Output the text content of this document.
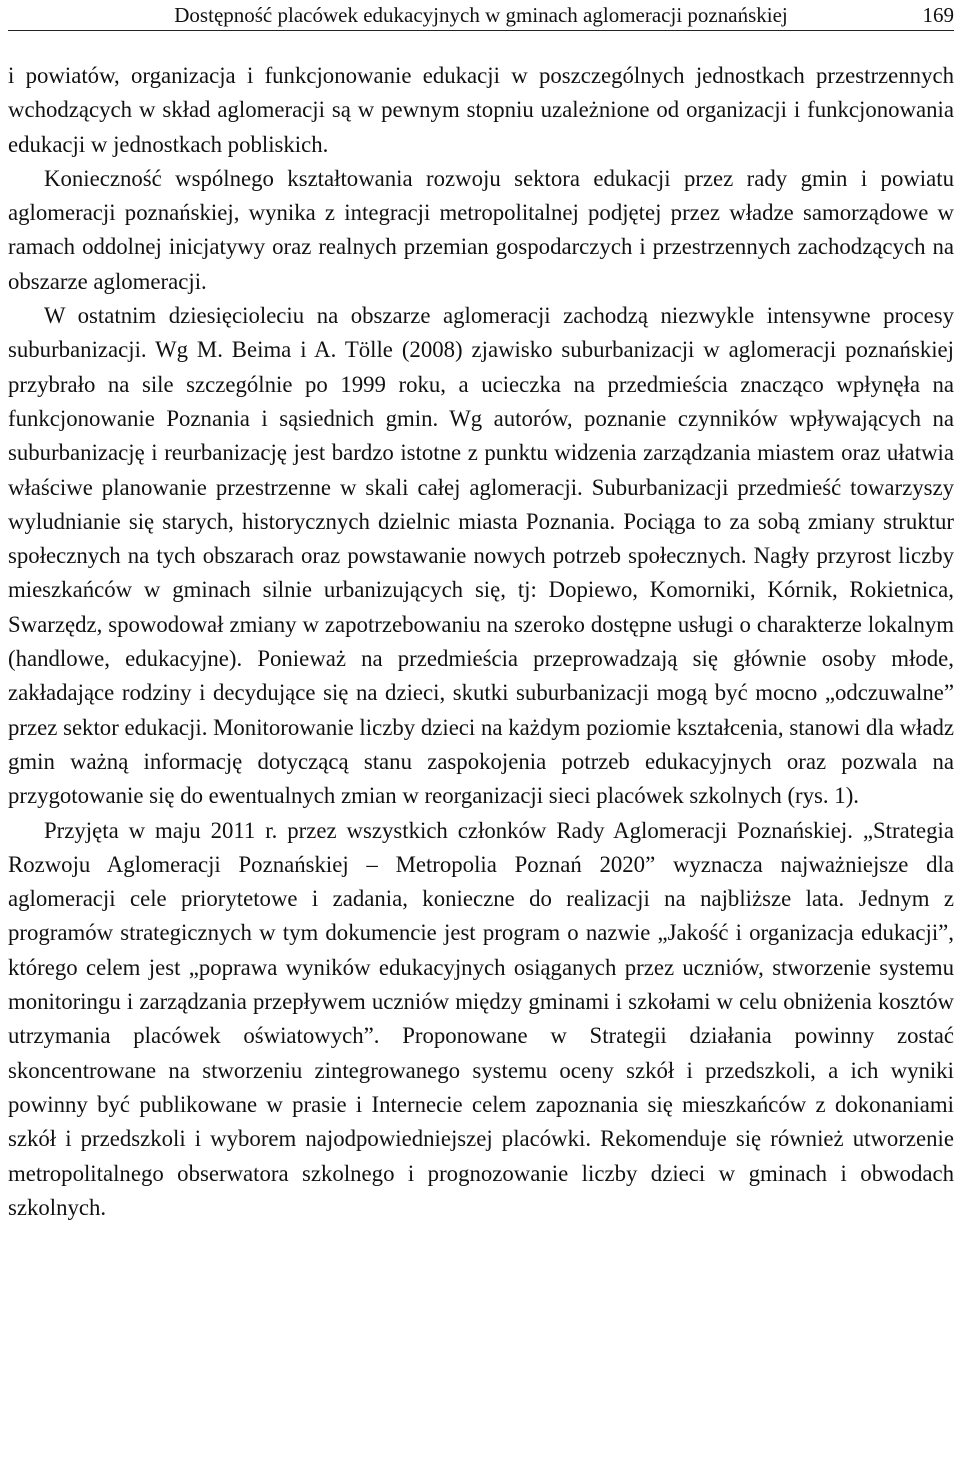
Dostępność placówek edukacyjnych w gminach aglomeracji poznańskiej	169

i powiatów, organizacja i funkcjonowanie edukacji w poszczególnych jednostkach przestrzennych wchodzących w skład aglomeracji są w pewnym stopniu uzależnione od organizacji i funkcjonowania edukacji w jednostkach pobliskich.

Konieczność wspólnego kształtowania rozwoju sektora edukacji przez rady gmin i powiatu aglomeracji poznańskiej, wynika z integracji metropolitalnej podjętej przez władze samorządowe w ramach oddolnej inicjatywy oraz realnych przemian gospodarczych i przestrzennych zachodzących na obszarze aglomeracji.

W ostatnim dziesięcioleciu na obszarze aglomeracji zachodzą niezwykle intensywne procesy suburbanizacji. Wg M. Beima i A. Tölle (2008) zjawisko suburbanizacji w aglomeracji poznańskiej przybrało na sile szczególnie po 1999 roku, a ucieczka na przedmieścia znacząco wpłynęła na funkcjonowanie Poznania i sąsiednich gmin. Wg autorów, poznanie czynników wpływających na suburbanizację i reurbanizację jest bardzo istotne z punktu widzenia zarządzania miastem oraz ułatwia właściwe planowanie przestrzenne w skali całej aglomeracji. Suburbanizacji przedmieść towarzyszy wyludnianie się starych, historycznych dzielnic miasta Poznania. Pociąga to za sobą zmiany struktur społecznych na tych obszarach oraz powstawanie nowych potrzeb społecznych. Nagły przyrost liczby mieszkańców w gminach silnie urbanizujących się, tj: Dopiewo, Komorniki, Kórnik, Rokietnica, Swarzędz, spowodował zmiany w zapotrzebowaniu na szeroko dostępne usługi o charakterze lokalnym (handlowe, edukacyjne). Ponieważ na przedmieścia przeprowadzają się głównie osoby młode, zakładające rodziny i decydujące się na dzieci, skutki suburbanizacji mogą być mocno „odczuwalne” przez sektor edukacji. Monitorowanie liczby dzieci na każdym poziomie kształcenia, stanowi dla władz gmin ważną informację dotyczącą stanu zaspokojenia potrzeb edukacyjnych oraz pozwala na przygotowanie się do ewentualnych zmian w reorganizacji sieci placówek szkolnych (rys. 1).

Przyjęta w maju 2011 r. przez wszystkich członków Rady Aglomeracji Poznańskiej. „Strategia Rozwoju Aglomeracji Poznańskiej – Metropolia Poznań 2020” wyznacza najważniejsze dla aglomeracji cele priorytetowe i zadania, konieczne do realizacji na najbliższe lata. Jednym z programów strategicznych w tym dokumencie jest program o nazwie „Jakość i organizacja edukacji”, którego celem jest „poprawa wyników edukacyjnych osiąganych przez uczniów, stworzenie systemu monitoringu i zarządzania przepływem uczniów między gminami i szkołami w celu obniżenia kosztów utrzymania placówek oświatowych”. Proponowane w Strategii działania powinny zostać skoncentrowane na stworzeniu zintegrowanego systemu oceny szkół i przedszkoli, a ich wyniki powinny być publikowane w prasie i Internecie celem zapoznania się mieszkańców z dokonaniami szkół i przedszkoli i wyborem najodpowiedniejszej placówki. Rekomenduje się również utworzenie metropolitalnego obserwatora szkolnego i prognozowanie liczby dzieci w gminach i obwodach szkolnych.
